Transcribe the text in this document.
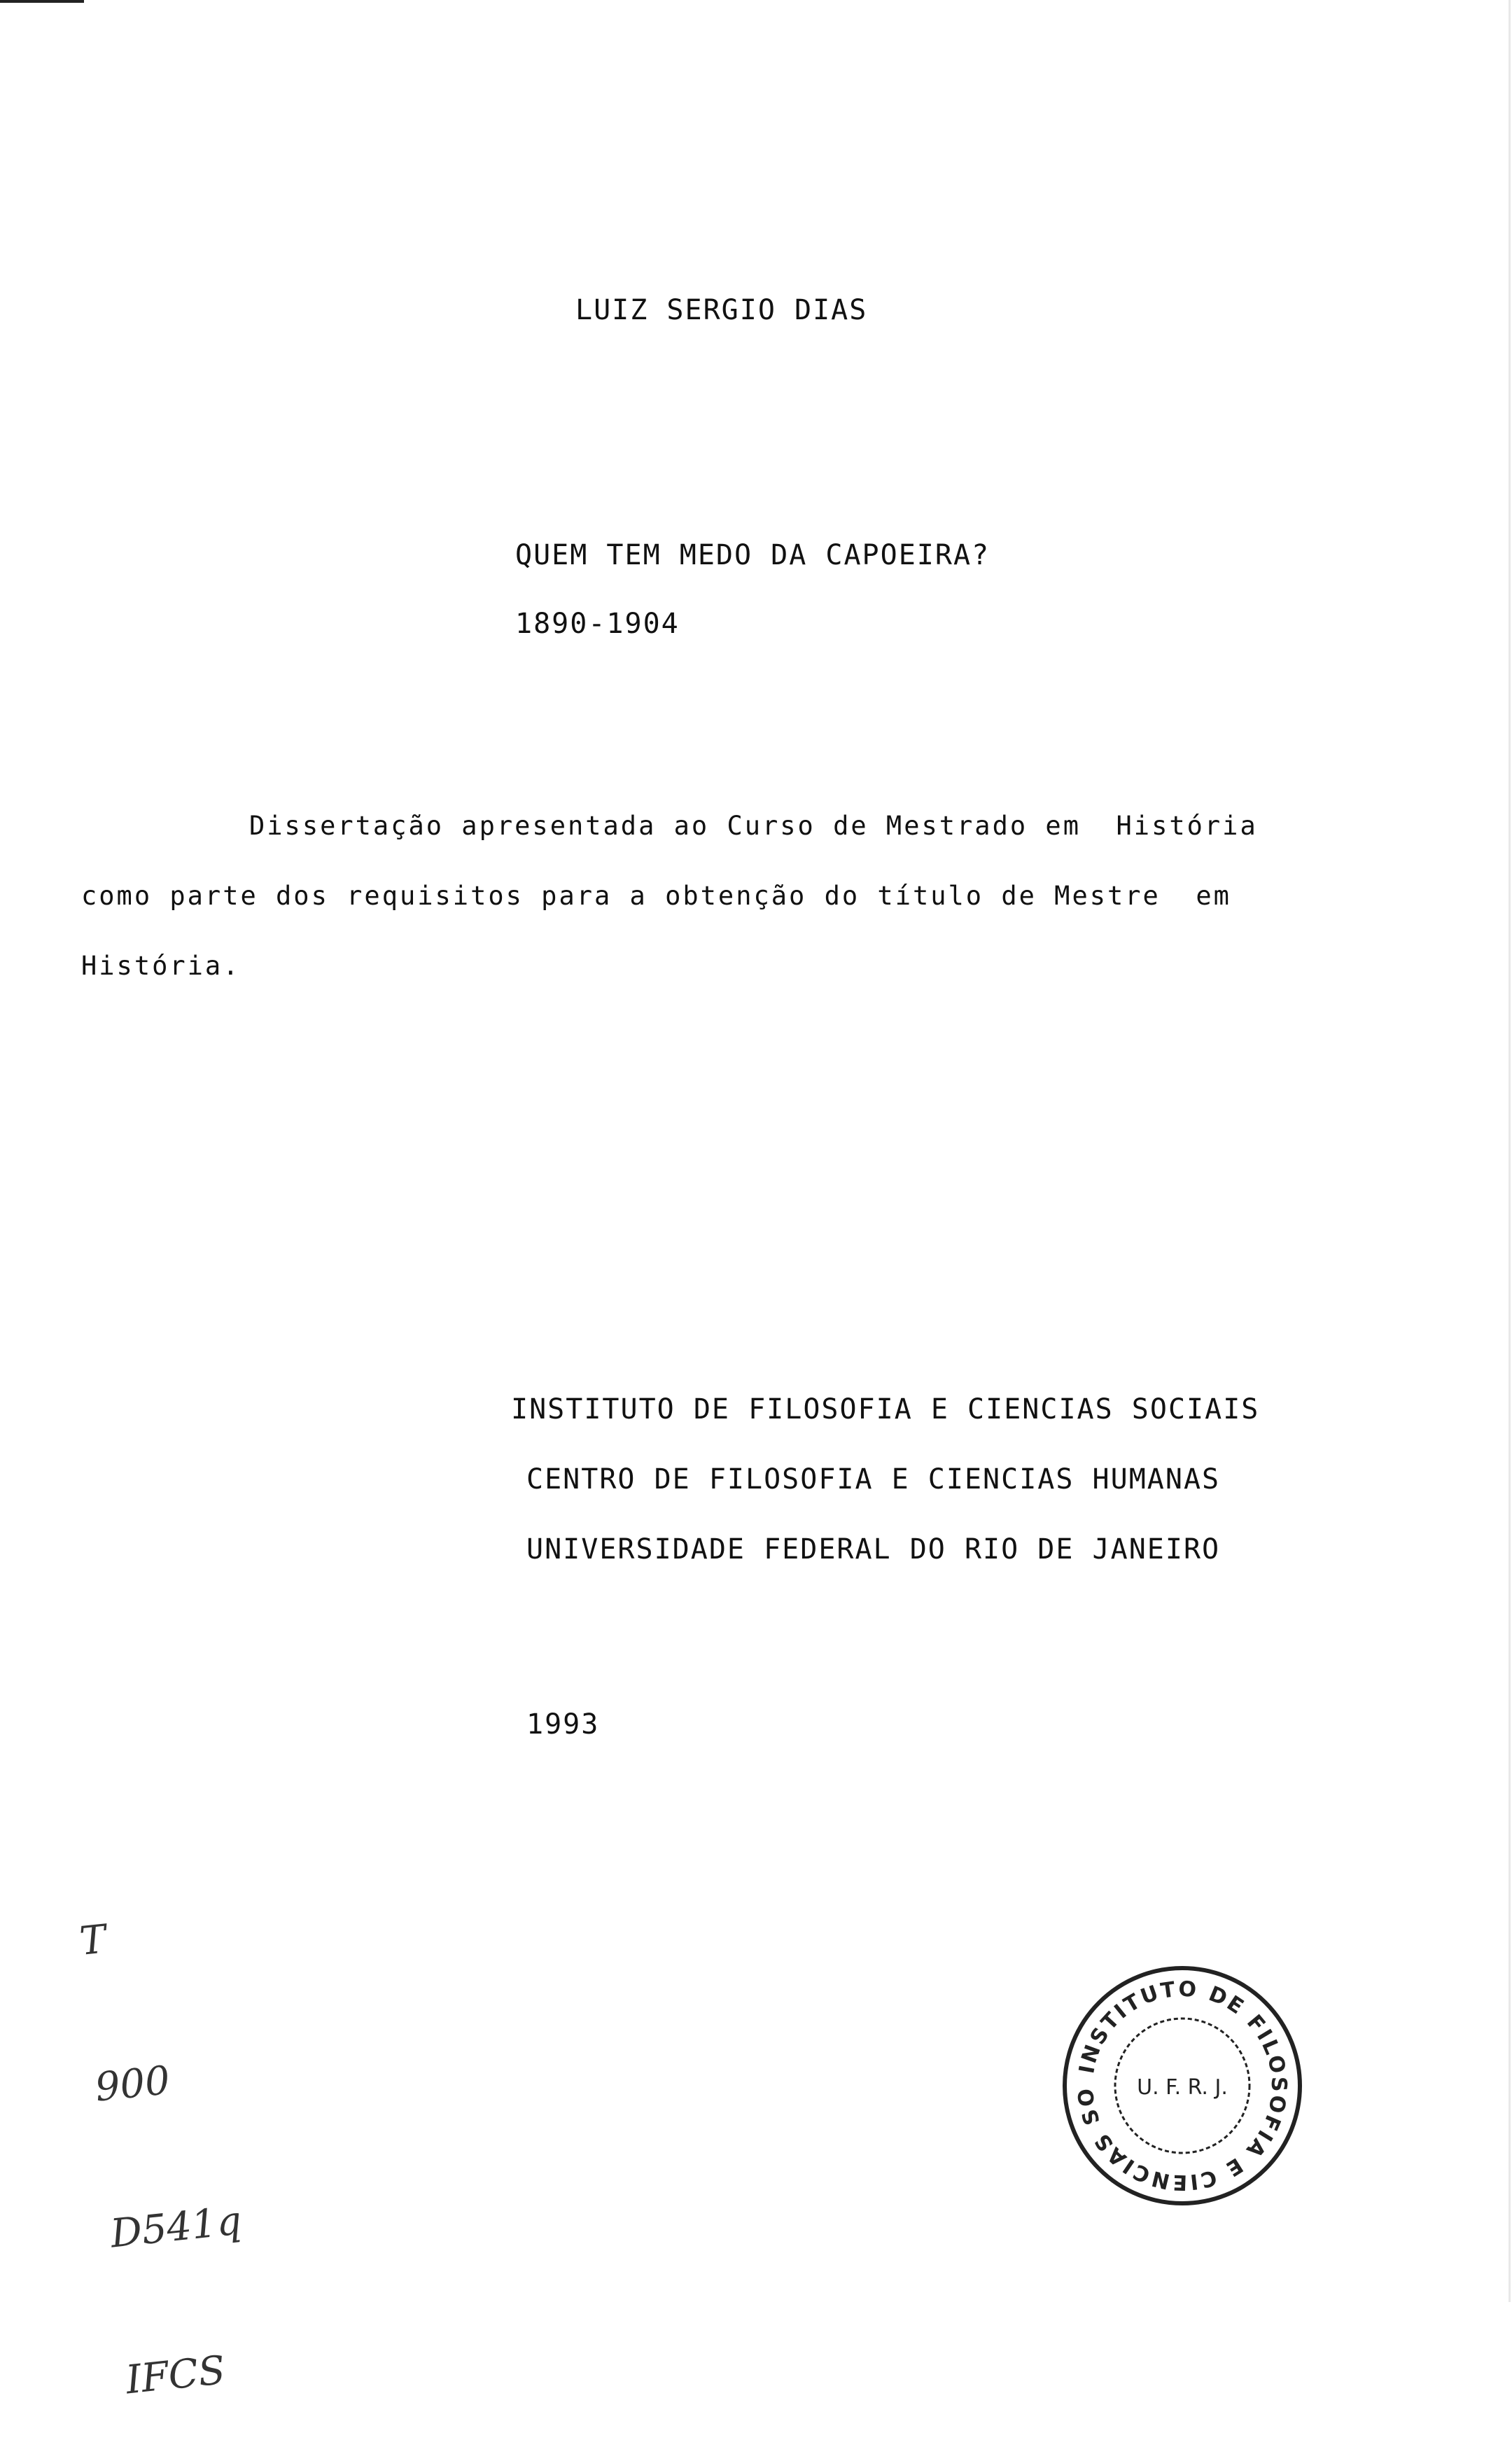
LUIZ SERGIO DIAS
QUEM TEM MEDO DA CAPOEIRA?
1890-1904
Dissertação apresentada ao Curso de Mestrado em  História
como parte dos requisitos para a obtenção do título de Mestre  em
História.
INSTITUTO DE FILOSOFIA E CIENCIAS SOCIAIS
CENTRO DE FILOSOFIA E CIENCIAS HUMANAS
UNIVERSIDADE FEDERAL DO RIO DE JANEIRO
1993

T

900

D541q

IFCS

INSTITUTO DE FILOSOFIA E CIENCIAS SO	U. F. R. J.
